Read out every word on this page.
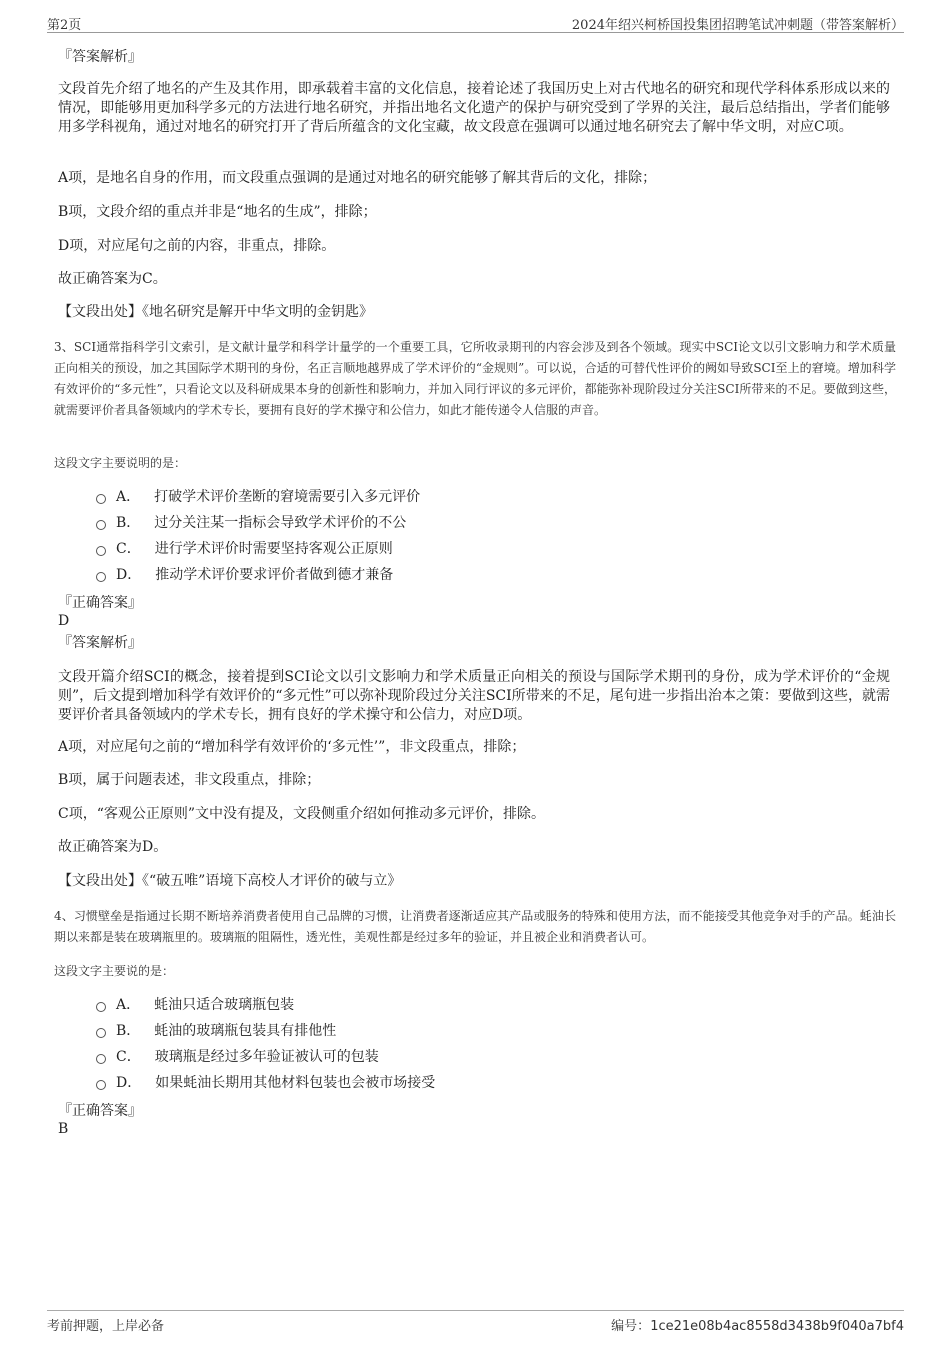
第2页	2024年绍兴柯桥国投集团招聘笔试冲刺题（带答案解析）
『答案解析』
文段首先介绍了地名的产生及其作用，即承载着丰富的文化信息，接着论述了我国历史上对古代地名的研究和现代学科体系形成以来的情况，即能够用更加科学多元的方法进行地名研究，并指出地名文化遗产的保护与研究受到了学界的关注，最后总结指出，学者们能够用多学科视角，通过对地名的研究打开了背后所蕴含的文化宝藏，故文段意在强调可以通过地名研究去了解中华文明，对应C项。
A项，是地名自身的作用，而文段重点强调的是通过对地名的研究能够了解其背后的文化，排除；
B项，文段介绍的重点并非是“地名的生成”，排除；
D项，对应尾句之前的内容，非重点，排除。
故正确答案为C。
【文段出处】《地名研究是解开中华文明的金钥匙》
3、SCI通常指科学引文索引，是文献计量学和科学计量学的一个重要工具，它所收录期刊的内容会涉及到各个领域。现实中SCI论文以引文影响力和学术质量正向相关的预设，加之其国际学术期刊的身份，名正言顺地越界成了学术评价的“金规则”。可以说，合适的可替代性评价的阙如导致SCI至上的窘境。增加科学有效评价的“多元性”，只看论文以及科研成果本身的创新性和影响力，并加入同行评议的多元评价，都能弥补现阶段过分关注SCI所带来的不足。要做到这些，就需要评价者具备领域内的学术专长，要拥有良好的学术操守和公信力，如此才能传递令人信服的声音。
这段文字主要说明的是：
A． 打破学术评价垄断的窘境需要引入多元评价
B． 过分关注某一指标会导致学术评价的不公
C． 进行学术评价时需要坚持客观公正原则
D． 推动学术评价要求评价者做到德才兼备
『正确答案』
D
『答案解析』
文段开篇介绍SCI的概念，接着提到SCI论文以引文影响力和学术质量正向相关的预设与国际学术期刊的身份，成为学术评价的“金规则”，后文提到增加科学有效评价的“多元性”可以弥补现阶段过分关注SCI所带来的不足，尾句进一步指出治本之策：要做到这些，就需要评价者具备领域内的学术专长，拥有良好的学术操守和公信力，对应D项。
A项，对应尾句之前的“增加科学有效评价的‘多元性’”，非文段重点，排除；
B项，属于问题表述，非文段重点，排除；
C项，“客观公正原则”文中没有提及，文段侧重介绍如何推动多元评价，排除。
故正确答案为D。
【文段出处】《“破五唯”语境下高校人才评价的破与立》
4、习惯壁垒是指通过长期不断培养消费者使用自己品牌的习惯，让消费者逐渐适应其产品或服务的特殊和使用方法，而不能接受其他竞争对手的产品。蚝油长期以来都是装在玻璃瓶里的。玻璃瓶的阻隔性，透光性，美观性都是经过多年的验证，并且被企业和消费者认可。
这段文字主要说的是：
A． 蚝油只适合玻璃瓶包装
B． 蚝油的玻璃瓶包装具有排他性
C． 玻璃瓶是经过多年验证被认可的包装
D． 如果蚝油长期用其他材料包装也会被市场接受
『正确答案』
B
考前押题，上岸必备	编号：1ce21e08b4ac8558d3438b9f040a7bf4
